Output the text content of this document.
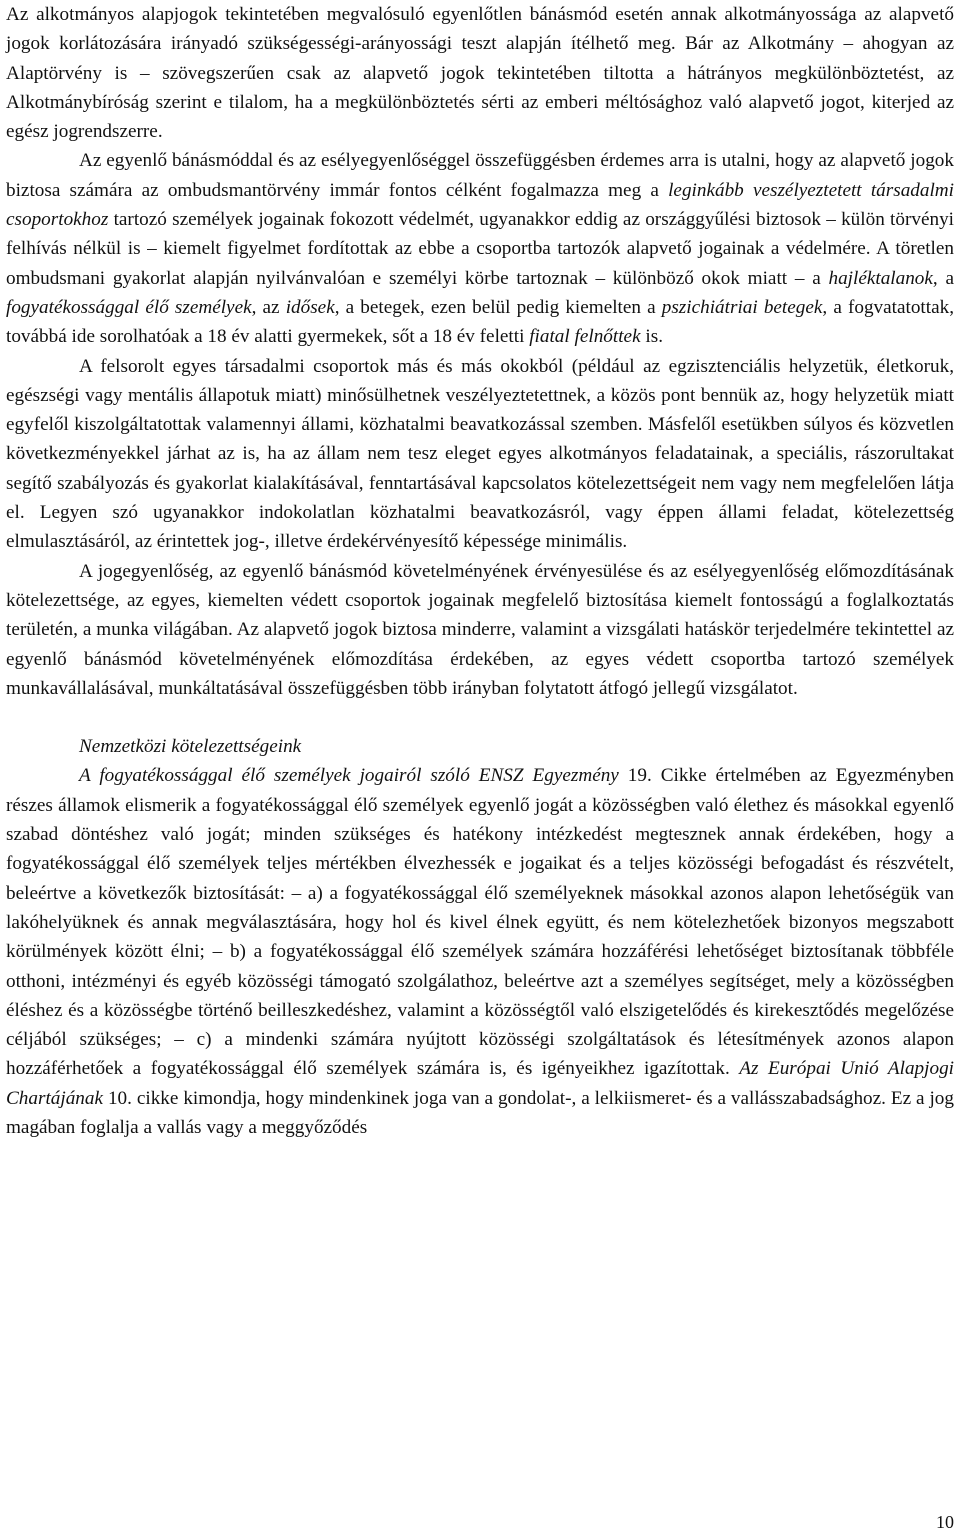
Az alkotmányos alapjogok tekintetében megvalósuló egyenlőtlen bánásmód esetén annak alkotmányossága az alapvető jogok korlátozására irányadó szükségességi-arányossági teszt alapján ítélhető meg. Bár az Alkotmány – ahogyan az Alaptörvény is – szövegszerűen csak az alapvető jogok tekintetében tiltotta a hátrányos megkülönböztetést, az Alkotmánybíróság szerint e tilalom, ha a megkülönböztetés sérti az emberi méltósághoz való alapvető jogot, kiterjed az egész jogrendszerre.

Az egyenlő bánásmóddal és az esélyegyenlőséggel összefüggésben érdemes arra is utalni, hogy az alapvető jogok biztosa számára az ombudsmantörvény immár fontos célként fogalmazza meg a leginkább veszélyeztetett társadalmi csoportokhoz tartozó személyek jogainak fokozott védelmét, ugyanakkor eddig az országgyűlési biztosok – külön törvényi felhívás nélkül is – kiemelt figyelmet fordítottak az ebbe a csoportba tartozók alapvető jogainak a védelmére. A töretlen ombudsmani gyakorlat alapján nyilvánvalóan e személyi körbe tartoznak – különböző okok miatt – a hajléktalanok, a fogyatékossággal élő személyek, az idősek, a betegek, ezen belül pedig kiemelten a pszichiátriai betegek, a fogvatatottak, továbbá ide sorolhatóak a 18 év alatti gyermekek, sőt a 18 év feletti fiatal felnőttek is.

A felsorolt egyes társadalmi csoportok más és más okokból (például az egzisztenciális helyzetük, életkoruk, egészségi vagy mentális állapotuk miatt) minősülhetnek veszélyeztetettnek, a közös pont bennük az, hogy helyzetük miatt egyfelől kiszolgáltatottak valamennyi állami, közhatalmi beavatkozással szemben. Másfelől esetükben súlyos és közvetlen következményekkel járhat az is, ha az állam nem tesz eleget egyes alkotmányos feladatainak, a speciális, rászorultakat segítő szabályozás és gyakorlat kialakításával, fenntartásával kapcsolatos kötelezettségeit nem vagy nem megfelelően látja el. Legyen szó ugyanakkor indokolatlan közhatalmi beavatkozásról, vagy éppen állami feladat, kötelezettség elmulasztásáról, az érintettek jog-, illetve érdekérvényesítő képessége minimális.

A jogegyenlőség, az egyenlő bánásmód követelményének érvényesülése és az esélyegyenlőség előmozdításának kötelezettsége, az egyes, kiemelten védett csoportok jogainak megfelelő biztosítása kiemelt fontosságú a foglalkoztatás területén, a munka világában. Az alapvető jogok biztosa minderre, valamint a vizsgálati hatáskör terjedelmére tekintettel az egyenlő bánásmód követelményének előmozdítása érdekében, az egyes védett csoportba tartozó személyek munkavállalásával, munkáltatásával összefüggésben több irányban folytatott átfogó jellegű vizsgálatot.

Nemzetközi kötelezettségeink

A fogyatékossággal élő személyek jogairól szóló ENSZ Egyezmény 19. Cikke értelmében az Egyezményben részes államok elismerik a fogyatékossággal élő személyek egyenlő jogát a közösségben való élethez és másokkal egyenlő szabad döntéshez való jogát; minden szükséges és hatékony intézkedést megtesznek annak érdekében, hogy a fogyatékossággal élő személyek teljes mértékben élvezhessék e jogaikat és a teljes közösségi befogadást és részvételt, beleértve a következők biztosítását: – a) a fogyatékossággal élő személyeknek másokkal azonos alapon lehetőségük van lakóhelyüknek és annak megválasztására, hogy hol és kivel élnek együtt, és nem kötelezhetőek bizonyos megszabott körülmények között élni; – b) a fogyatékossággal élő személyek számára hozzáférési lehetőséget biztosítanak többféle otthoni, intézményi és egyéb közösségi támogató szolgálathoz, beleértve azt a személyes segítséget, mely a közösségben éléshez és a közösségbe történő beilleszkedéshez, valamint a közösségtől való elszigetelődés és kirekesztődés megelőzése céljából szükséges; – c) a mindenki számára nyújtott közösségi szolgáltatások és létesítmények azonos alapon hozzáférhetőek a fogyatékossággal élő személyek számára is, és igényeikhez igazítottak. Az Európai Unió Alapjogi Chartájának 10. cikke kimondja, hogy mindenkinek joga van a gondolat-, a lelkiismeret- és a vallásszabadsághoz. Ez a jog magában foglalja a vallás vagy a meggyőződés

10
